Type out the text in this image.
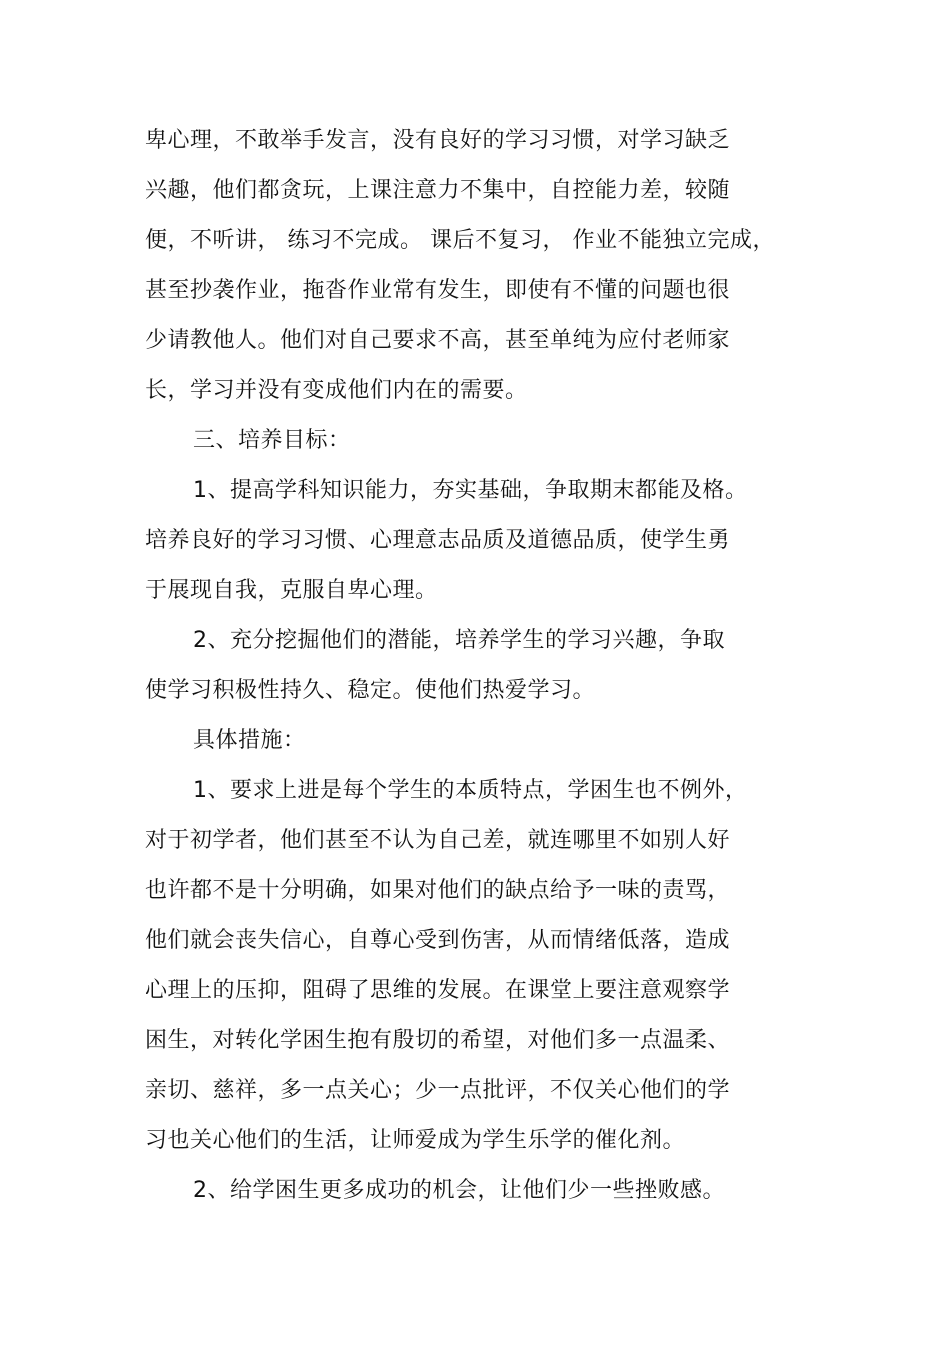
卑心理，不敢举手发言，没有良好的学习习惯，对学习缺乏
兴趣，他们都贪玩，上课注意力不集中，自控能力差，较随
便，不听讲， 练习不完成。 课后不复习， 作业不能独立完成，
甚至抄袭作业，拖沓作业常有发生，即使有不懂的问题也很
少请教他人。他们对自己要求不高，甚至单纯为应付老师家
长，学习并没有变成他们内在的需要。
三、培养目标：
1、提高学科知识能力，夯实基础，争取期末都能及格。
培养良好的学习习惯、心理意志品质及道德品质，使学生勇
于展现自我，克服自卑心理。
2、充分挖掘他们的潜能，培养学生的学习兴趣，争取
使学习积极性持久、稳定。使他们热爱学习。
具体措施：
1、要求上进是每个学生的本质特点，学困生也不例外，
对于初学者，他们甚至不认为自己差，就连哪里不如别人好
也许都不是十分明确，如果对他们的缺点给予一味的责骂，
他们就会丧失信心，自尊心受到伤害，从而情绪低落，造成
心理上的压抑，阻碍了思维的发展。在课堂上要注意观察学
困生，对转化学困生抱有殷切的希望，对他们多一点温柔、
亲切、慈祥，多一点关心；少一点批评，不仅关心他们的学
习也关心他们的生活，让师爱成为学生乐学的催化剂。
2、给学困生更多成功的机会，让他们少一些挫败感。
